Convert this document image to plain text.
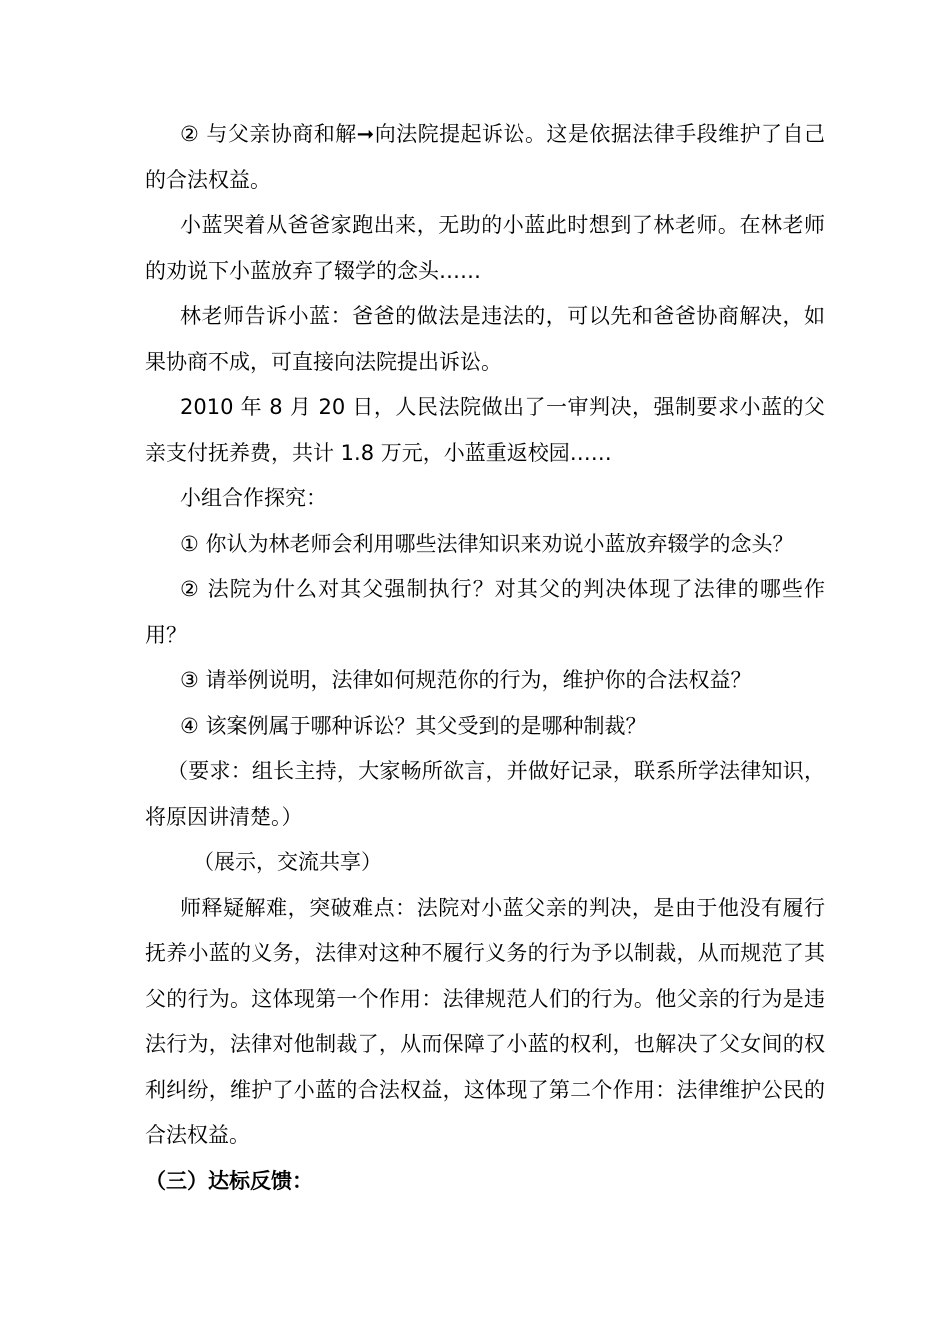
② 与父亲协商和解➞向法院提起诉讼。这是依据法律手段维护了自己的合法权益。

小蓝哭着从爸爸家跑出来，无助的小蓝此时想到了林老师。在林老师的劝说下小蓝放弃了辍学的念头……

林老师告诉小蓝：爸爸的做法是违法的，可以先和爸爸协商解决，如果协商不成，可直接向法院提出诉讼。

2010 年 8 月 20 日，人民法院做出了一审判决，强制要求小蓝的父亲支付抚养费，共计 1.8 万元，小蓝重返校园……

小组合作探究：

① 你认为林老师会利用哪些法律知识来劝说小蓝放弃辍学的念头？

② 法院为什么对其父强制执行？对其父的判决体现了法律的哪些作用？

③ 请举例说明，法律如何规范你的行为，维护你的合法权益？

④ 该案例属于哪种诉讼？其父受到的是哪种制裁？

（要求：组长主持，大家畅所欲言，并做好记录，联系所学法律知识，将原因讲清楚。）

（展示，交流共享）

师释疑解难，突破难点：法院对小蓝父亲的判决，是由于他没有履行抚养小蓝的义务，法律对这种不履行义务的行为予以制裁，从而规范了其父的行为。这体现第一个作用：法律规范人们的行为。他父亲的行为是违法行为，法律对他制裁了，从而保障了小蓝的权利，也解决了父女间的权利纠纷，维护了小蓝的合法权益，这体现了第二个作用：法律维护公民的合法权益。

（三）达标反馈：
